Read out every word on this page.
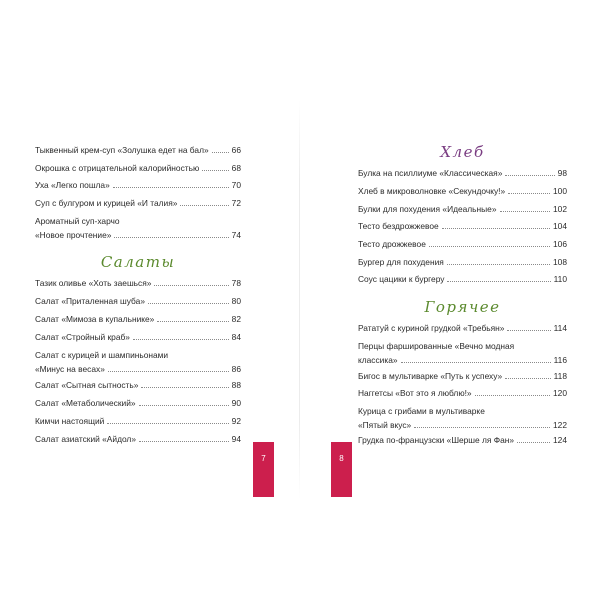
Тыквенный крем-суп «Золушка едет на бал»	66
Окрошка с отрицательной калорийностью	68
Уха «Легко пошла»	70
Суп с булгуром и курицей «И талия»	72
Ароматный суп-харчо
«Новое прочтение»	74
Салаты
Тазик оливье «Хоть заешься»	78
Салат «Приталенная шуба»	80
Салат «Мимоза в купальнике»	82
Салат «Стройный краб»	84
Салат с курицей и шампиньонами
«Минус на весах»	86
Салат «Сытная сытность»	88
Салат «Метаболический»	90
Кимчи настоящий	92
Салат азиатский «Айдол»	94
7
Хлеб
Булка на псиллиуме «Классическая»	98
Хлеб в микроволновке «Секундочку!»	100
Булки для похудения «Идеальные»	102
Тесто бездрожжевое	104
Тесто дрожжевое	106
Бургер для похудения	108
Соус цацики к бургеру	110
Горячее
Рататуй с куриной грудкой «Требьян»	114
Перцы фаршированные «Вечно модная
классика»	116
Бигос в мультиварке «Путь к успеху»	118
Наггетсы «Вот это я люблю!»	120
Курица с грибами в мультиварке
«Пятый вкус»	122
Грудка по-французски «Шерше ля Фан»	124
8
